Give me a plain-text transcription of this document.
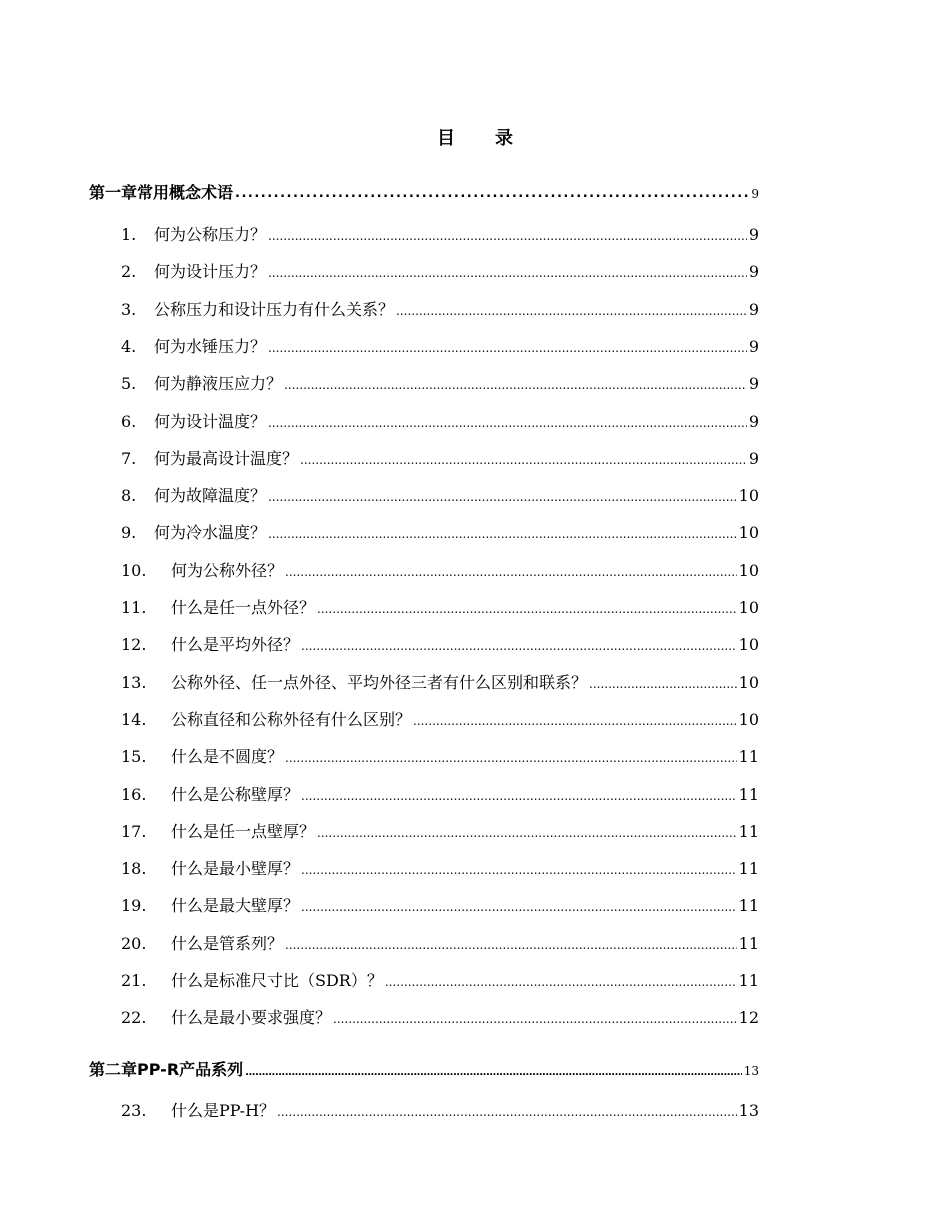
目录
第一章常用概念术语 .....	9
1.	何为公称压力？ .....	9
2.	何为设计压力？ .....	9
3.	公称压力和设计压力有什么关系？ .....	9
4.	何为水锤压力？ .....	9
5.	何为静液压应力？ .....	9
6.	何为设计温度？ .....	9
7.	何为最高设计温度？ .....	9
8.	何为故障温度？ .....	10
9.	何为冷水温度？ .....	10
10.	何为公称外径？ .....	10
11.	什么是任一点外径？ .....	10
12.	什么是平均外径？ .....	10
13.	公称外径、任一点外径、平均外径三者有什么区别和联系？ .....	10
14.	公称直径和公称外径有什么区别？ .....	10
15.	什么是不圆度？ .....	11
16.	什么是公称壁厚？ .....	11
17.	什么是任一点壁厚？ .....	11
18.	什么是最小壁厚？ .....	11
19.	什么是最大壁厚？ .....	11
20.	什么是管系列？ .....	11
21.	什么是标准尺寸比（SDR）？ .....	11
22.	什么是最小要求强度？ .....	12
第二章PP-R产品系列 .....	13
23.	什么是PP-H？ .....	13
